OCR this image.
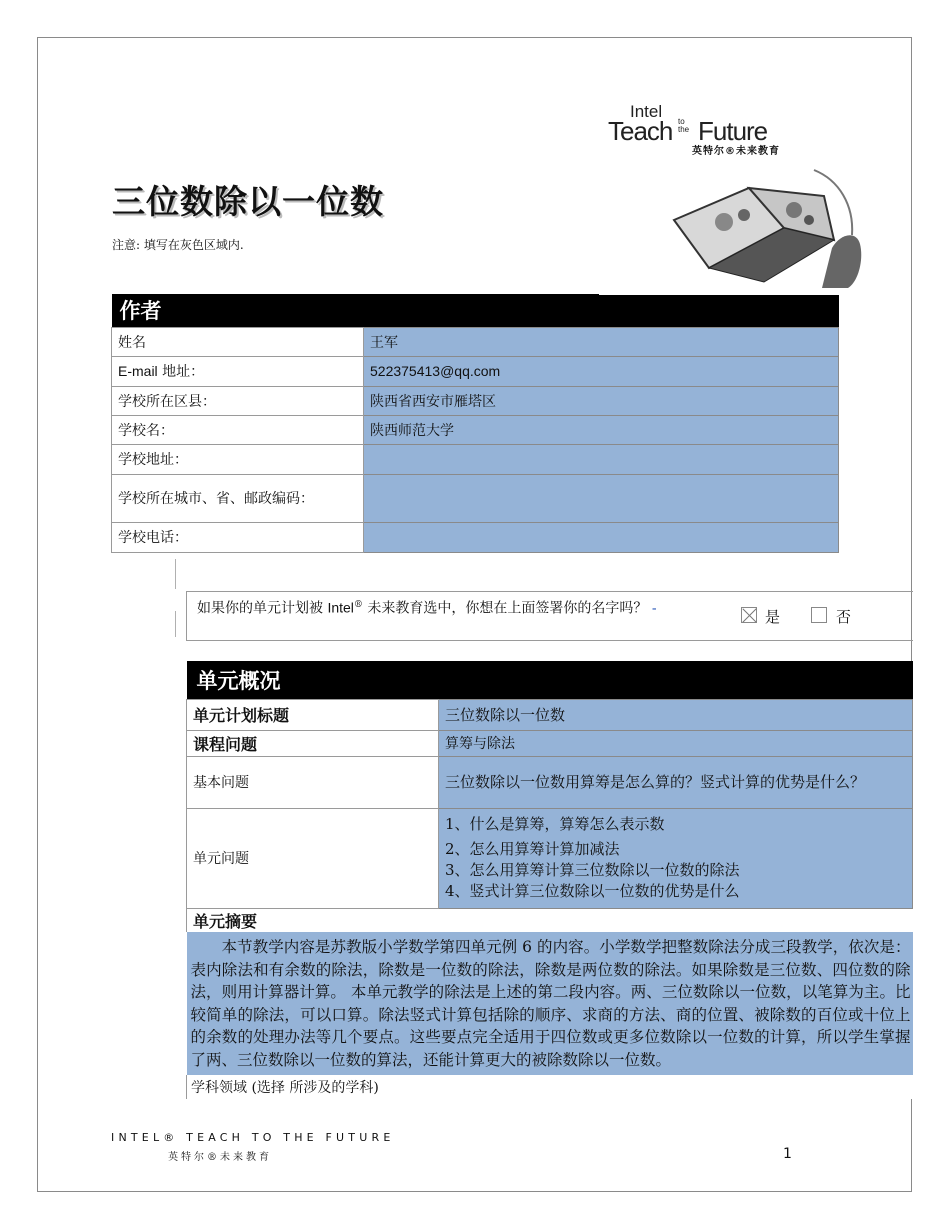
Intel
Teach to
the Future
英特尔®未来教育
三位数除以一位数
注意: 填写在灰色区域内.
作者	
姓名	王军
E-mail 地址：	522375413@qq.com
学校所在区县：	陕西省西安市雁塔区
学校名：	陕西师范大学
学校地址：	
学校所在城市、省、邮政编码：	
学校电话：	
如果你的单元计划被 Intel® 未来教育选中，你想在上面签署你的名字吗？ -	是	否
单元概况	
单元计划标题	三位数除以一位数
课程问题	算筹与除法
基本问题	三位数除以一位数用算筹是怎么算的？竖式计算的优势是什么？
单元问题	1、什么是算筹，算筹怎么表示数
2、怎么用算筹计算加减法
3、怎么用算筹计算三位数除以一位数的除法
4、竖式计算三位数除以一位数的优势是什么

单元摘要	
本节教学内容是苏教版小学数学第四单元例 6 的内容。小学数学把整数除法分成三段教学，依次是：表内除法和有余数的除法，除数是一位数的除法，除数是两位数的除法。如果除数是三位数、四位数的除法，则用计算器计算。 本单元教学的除法是上述的第二段内容。两、三位数除以一位数，以笔算为主。比较简单的除法，可以口算。除法竖式计算包括除的顺序、求商的方法、商的位置、被除数的百位或十位上的余数的处理办法等几个要点。这些要点完全适用于四位数或更多位数除以一位数的计算，所以学生掌握了两、三位数除以一位数的算法，还能计算更大的被除数除以一位数。	
学科领域 (选择 所涉及的学科)	
INTEL® TEACH TO THE FUTURE
英特尔®未来教育	1
